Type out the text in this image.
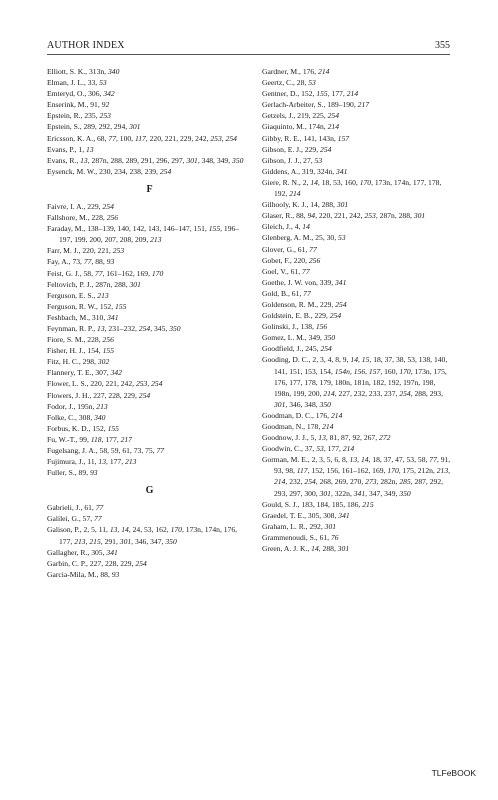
AUTHOR INDEX	355
Elliott, S. K., 313n, 340
Elman, J. L., 33, 53
Emteryd, O., 306, 342
Enserink, M., 91, 92
Epstein, R., 235, 253
Epstein, S., 289, 292, 294, 301
Ericsson, K. A., 68, 77, 100, 117, 220, 221, 229, 242, 253, 254
Evans, P., 1, 13
Evans, R., 13, 287n, 288, 289, 291, 296, 297, 301, 348, 349, 350
Eysenck, M. W., 230, 234, 238, 239, 254
F
Faivre, I. A., 229, 254
Fallshore, M., 228, 256
Faraday, M., 138–139, 140, 142, 143, 146–147, 151, 155, 196–197, 199, 200, 207, 208, 209, 213
Farr, M. J., 220, 221, 253
Fay, A., 73, 77, 88, 93
Feist, G. J., 58, 77, 161–162, 169, 170
Feltovich, P. J., 287n, 288, 301
Ferguson, E. S., 213
Ferguson, R. W., 152, 155
Feshbach, M., 310, 341
Feynman, R. P., 13, 231–232, 254, 345, 350
Fiore, S. M., 228, 256
Fisher, H. J., 154, 155
Fitz, H. C., 298, 302
Flannery, T. E., 307, 342
Flower, L. S., 220, 221, 242, 253, 254
Flowers, J. H., 227, 228, 229, 254
Fodor, J., 195n, 213
Folke, C., 308, 340
Forbus, K. D., 152, 155
Fu, W.-T., 99, 118, 177, 217
Fugelsang, J. A., 58, 59, 61, 73, 75, 77
Fujimura, J., 11, 13, 177, 213
Fuller, S., 89, 93
G
Gabrieli, J., 61, 77
Galilei, G., 57, 77
Galison, P., 2, 5, 11, 13, 14, 24, 53, 162, 170, 173n, 174n, 176, 177, 213, 215, 291, 301, 346, 347, 350
Gallagher, R., 305, 341
Garbin, C. P., 227, 228, 229, 254
Garcia-Mila, M., 88, 93
Gardner, M., 176, 214
Geertz, C., 28, 53
Gentner, D., 152, 155, 177, 214
Gerlach-Arbeiter, S., 189–190, 217
Getzels, J., 219, 225, 254
Giaquinto, M., 174n, 214
Gibby, R. E., 141, 143n, 157
Gibson, E. J., 229, 254
Gibson, J. J., 27, 53
Giddens, A., 319, 324n, 341
Giere, R. N., 2, 14, 18, 53, 160, 170, 173n, 174n, 177, 178, 192, 214
Gilhooly, K. J., 14, 288, 301
Glaser, R., 88, 94, 220, 221, 242, 253, 287n, 288, 301
Gleich, J., 4, 14
Glenberg, A. M., 25, 30, 53
Glover, G., 61, 77
Gobet, F., 220, 256
Goel, V., 61, 77
Goethe, J. W. von, 339, 341
Gold, B., 61, 77
Goldenson, R. M., 229, 254
Goldstein, E. B., 229, 254
Golinski, J., 138, 156
Gomez, L. M., 349, 350
Goodfield, J., 245, 254
Gooding, D. C., 2, 3, 4, 8, 9, 14, 15, 18, 37, 38, 53, 138, 140, 141, 151, 153, 154, 154n, 156, 157, 160, 170, 173n, 175, 176, 177, 178, 179, 180n, 181n, 182, 192, 197n, 198, 198n, 199, 200, 214, 227, 232, 233, 237, 254, 288, 293, 301, 346, 348, 350
Goodman, D. C., 176, 214
Goodman, N., 178, 214
Goodnow, J. J., 5, 13, 81, 87, 92, 267, 272
Goodwin, C., 37, 53, 177, 214
Gorman, M. E., 2, 3, 5, 6, 8, 13, 14, 18, 37, 47, 53, 58, 77, 91, 93, 98, 117, 152, 156, 161–162, 169, 170, 175, 212n, 213, 214, 232, 254, 268, 269, 270, 273, 282n, 285, 287, 292, 293, 297, 300, 301, 322n, 341, 347, 349, 350
Gould, S. J., 183, 184, 185, 186, 215
Graedel, T. E., 305, 308, 341
Graham, L. R., 292, 301
Grammenoudi, S., 61, 76
Green, A. J. K., 14, 288, 301
TLFeBOOK
